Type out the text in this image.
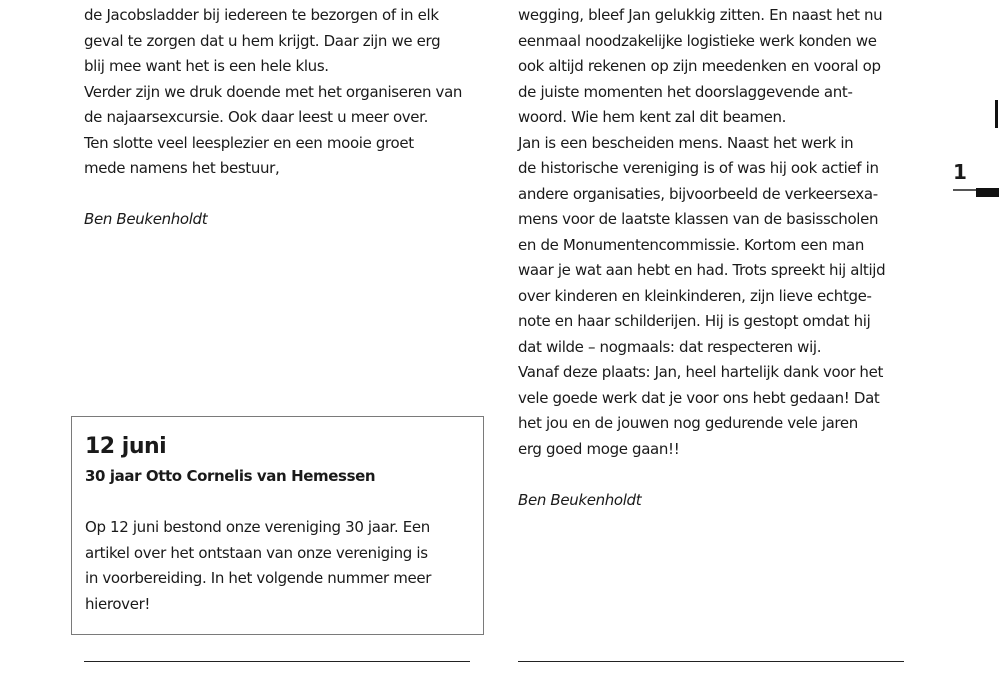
de Jacobsladder bij iedereen te bezorgen of in elk
geval te zorgen dat u hem krijgt. Daar zijn we erg
blij mee want het is een hele klus.
Verder zijn we druk doende met het organiseren van
de najaarsexcursie. Ook daar leest u meer over.
Ten slotte veel leesplezier en een mooie groet
mede namens het bestuur,
Ben Beukenholdt
wegging, bleef Jan gelukkig zitten. En naast het nu
eenmaal noodzakelijke logistieke werk konden we
ook altijd rekenen op zijn meedenken en vooral op
de juiste momenten het doorslaggevende ant-
woord. Wie hem kent zal dit beamen.
Jan is een bescheiden mens. Naast het werk in
de historische vereniging is of was hij ook actief in
andere organisaties, bijvoorbeeld de verkeersexa-
mens voor de laatste klassen van de basisscholen
en de Monumentencommissie. Kortom een man
waar je wat aan hebt en had. Trots spreekt hij altijd
over kinderen en kleinkinderen, zijn lieve echtge-
note en haar schilderijen. Hij is gestopt omdat hij
dat wilde – nogmaals: dat respecteren wij.
Vanaf deze plaats: Jan, heel hartelijk dank voor het
vele goede werk dat je voor ons hebt gedaan! Dat
het jou en de jouwen nog gedurende vele jaren
erg goed moge gaan!!
Ben Beukenholdt
12 juni
30 jaar Otto Cornelis van Hemessen
Op 12 juni bestond onze vereniging 30 jaar. Een
artikel over het ontstaan van onze vereniging is
in voorbereiding. In het volgende nummer meer
hierover!
1
